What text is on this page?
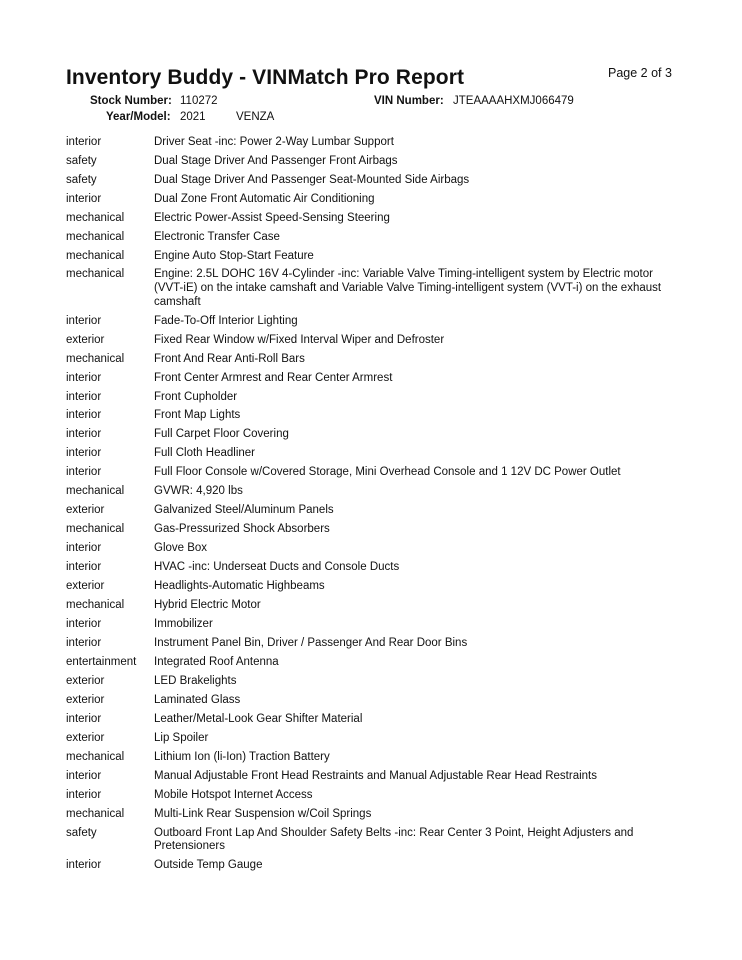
Inventory Buddy - VINMatch Pro Report	Page 2 of 3
Stock Number: 110272	VIN Number: JTEAAAAHXMJ066479
Year/Model: 2021	VENZA
interior	Driver Seat -inc: Power 2-Way Lumbar Support
safety	Dual Stage Driver And Passenger Front Airbags
safety	Dual Stage Driver And Passenger Seat-Mounted Side Airbags
interior	Dual Zone Front Automatic Air Conditioning
mechanical	Electric Power-Assist Speed-Sensing Steering
mechanical	Electronic Transfer Case
mechanical	Engine Auto Stop-Start Feature
mechanical	Engine: 2.5L DOHC 16V 4-Cylinder -inc: Variable Valve Timing-intelligent system by Electric motor (VVT-iE) on the intake camshaft and Variable Valve Timing-intelligent system (VVT-i) on the exhaust camshaft
interior	Fade-To-Off Interior Lighting
exterior	Fixed Rear Window w/Fixed Interval Wiper and Defroster
mechanical	Front And Rear Anti-Roll Bars
interior	Front Center Armrest and Rear Center Armrest
interior	Front Cupholder
interior	Front Map Lights
interior	Full Carpet Floor Covering
interior	Full Cloth Headliner
interior	Full Floor Console w/Covered Storage, Mini Overhead Console and 1 12V DC Power Outlet
mechanical	GVWR: 4,920 lbs
exterior	Galvanized Steel/Aluminum Panels
mechanical	Gas-Pressurized Shock Absorbers
interior	Glove Box
interior	HVAC -inc: Underseat Ducts and Console Ducts
exterior	Headlights-Automatic Highbeams
mechanical	Hybrid Electric Motor
interior	Immobilizer
interior	Instrument Panel Bin, Driver / Passenger And Rear Door Bins
entertainment	Integrated Roof Antenna
exterior	LED Brakelights
exterior	Laminated Glass
interior	Leather/Metal-Look Gear Shifter Material
exterior	Lip Spoiler
mechanical	Lithium Ion (li-Ion) Traction Battery
interior	Manual Adjustable Front Head Restraints and Manual Adjustable Rear Head Restraints
interior	Mobile Hotspot Internet Access
mechanical	Multi-Link Rear Suspension w/Coil Springs
safety	Outboard Front Lap And Shoulder Safety Belts -inc: Rear Center 3 Point, Height Adjusters and Pretensioners
interior	Outside Temp Gauge
